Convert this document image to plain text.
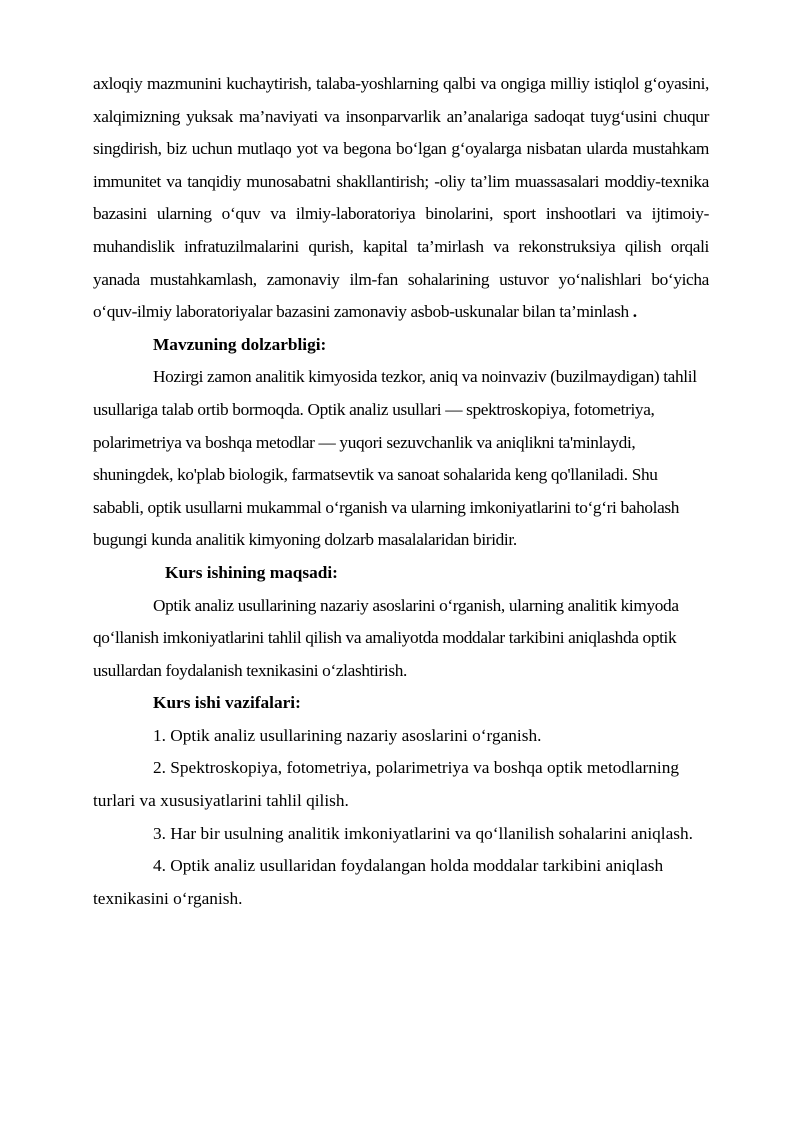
axloqiy mazmunini kuchaytirish, talaba-yoshlarning qalbi va ongiga milliy istiqlol g‘oyasini, xalqimizning yuksak ma’naviyati va insonparvarlik an’analariga sadoqat tuyg‘usini chuqur singdirish, biz uchun mutlaqo yot va begona bo‘lgan g‘oyalarga nisbatan ularda mustahkam immunitet va tanqidiy munosabatni shakllantirish; -oliy ta’lim muassasalari moddiy-texnika bazasini ularning o‘quv va ilmiy-laboratoriya binolarini, sport inshootlari va ijtimoiy-muhandislik infratuzilmalarini qurish, kapital ta’mirlash va rekonstruksiya qilish orqali yanada mustahkamlash, zamonaviy ilm-fan sohalarining ustuvor yo‘nalishlari bo‘yicha o‘quv-ilmiy laboratoriyalar bazasini zamonaviy asbob-uskunalar bilan ta’minlash .

Mavzuning dolzarbligi:

Hozirgi zamon analitik kimyosida tezkor, aniq va noinvaziv (buzilmaydigan) tahlil usullariga talab ortib bormoqda. Optik analiz usullari — spektroskopiya, fotometriya, polarimetriya va boshqa metodlar — yuqori sezuvchanlik va aniqlikni ta'minlaydi, shuningdek, ko'plab biologik, farmatsevtik va sanoat sohalarida keng qo'llaniladi. Shu sababli, optik usullarni mukammal o‘rganish va ularning imkoniyatlarini to‘g‘ri baholash bugungi kunda analitik kimyoning dolzarb masalalaridan biridir.

Kurs ishining maqsadi:

Optik analiz usullarining nazariy asoslarini o‘rganish, ularning analitik kimyoda qo‘llanish imkoniyatlarini tahlil qilish va amaliyotda moddalar tarkibini aniqlashda optik usullardan foydalanish texnikasini o‘zlashtirish.

Kurs ishi vazifalari:

1. Optik analiz usullarining nazariy asoslarini o‘rganish.

2. Spektroskopiya, fotometriya, polarimetriya va boshqa optik metodlarning turlari va xususiyatlarini tahlil qilish.

3. Har bir usulning analitik imkoniyatlarini va qo‘llanilish sohalarini aniqlash.

4. Optik analiz usullaridan foydalangan holda moddalar tarkibini aniqlash texnikasini o‘rganish.
